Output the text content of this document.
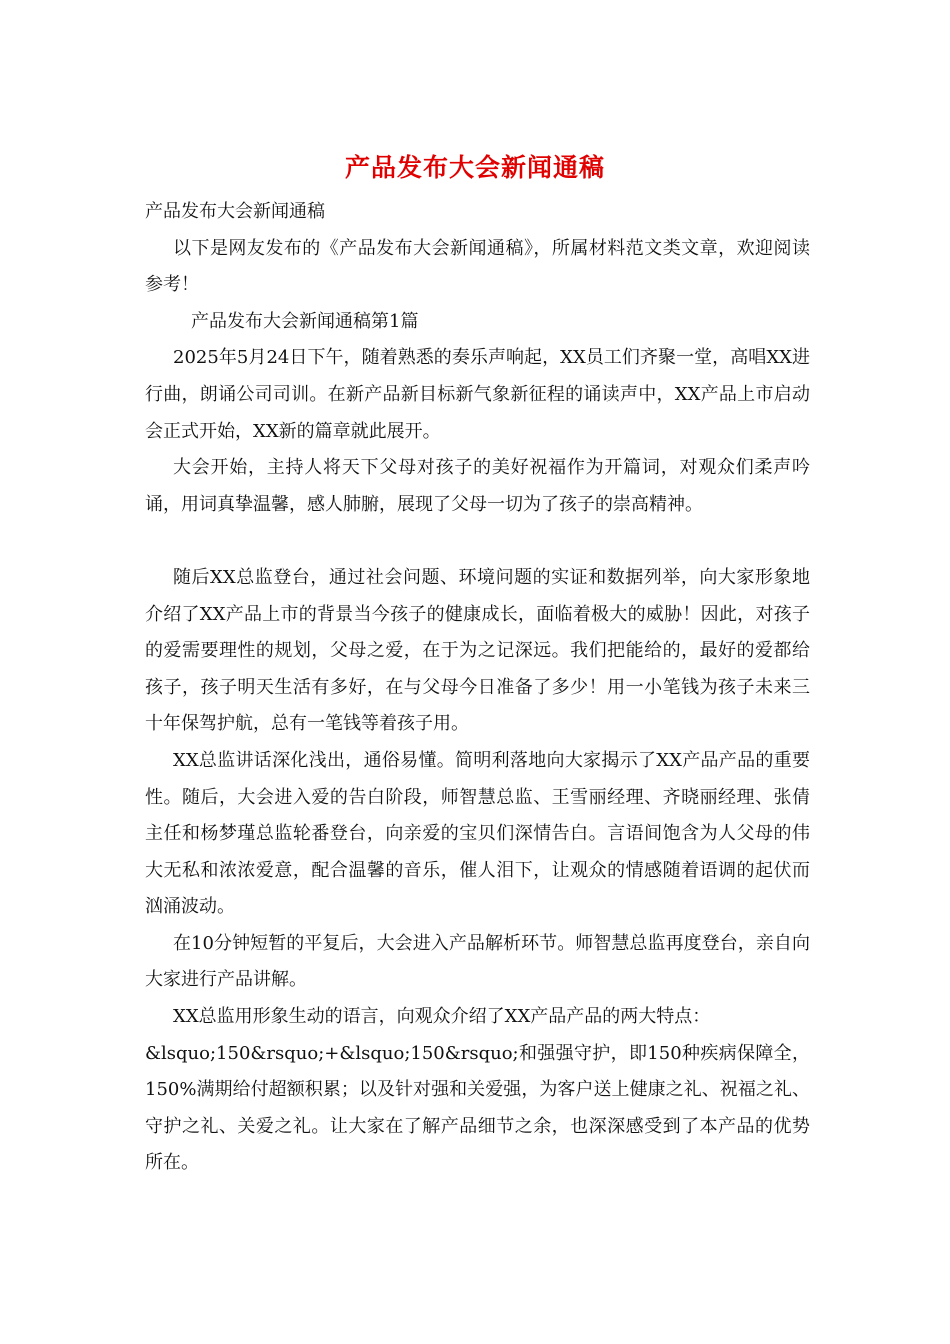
产品发布大会新闻通稿

产品发布大会新闻通稿

以下是网友发布的《产品发布大会新闻通稿》，所属材料范文类文章，欢迎阅读参考！

产品发布大会新闻通稿第1篇

2025年5月24日下午，随着熟悉的奏乐声响起，XX员工们齐聚一堂，高唱XX进行曲，朗诵公司司训。在新产品新目标新气象新征程的诵读声中，XX产品上市启动会正式开始，XX新的篇章就此展开。

大会开始，主持人将天下父母对孩子的美好祝福作为开篇词，对观众们柔声吟诵，用词真挚温馨，感人肺腑，展现了父母一切为了孩子的崇高精神。

随后XX总监登台，通过社会问题、环境问题的实证和数据列举，向大家形象地介绍了XX产品上市的背景当今孩子的健康成长，面临着极大的威胁！因此，对孩子的爱需要理性的规划，父母之爱，在于为之记深远。我们把能给的，最好的爱都给孩子，孩子明天生活有多好，在与父母今日准备了多少！用一小笔钱为孩子未来三十年保驾护航，总有一笔钱等着孩子用。

XX总监讲话深化浅出，通俗易懂。简明利落地向大家揭示了XX产品产品的重要性。随后，大会进入爱的告白阶段，师智慧总监、王雪丽经理、齐晓丽经理、张倩主任和杨梦瑾总监轮番登台，向亲爱的宝贝们深情告白。言语间饱含为人父母的伟大无私和浓浓爱意，配合温馨的音乐，催人泪下，让观众的情感随着语调的起伏而汹涌波动。

在10分钟短暂的平复后，大会进入产品解析环节。师智慧总监再度登台，亲自向大家进行产品讲解。

XX总监用形象生动的语言，向观众介绍了XX产品产品的两大特点：

&lsquo;150&rsquo;+&lsquo;150&rsquo;和强强守护，即150种疾病保障全，150%满期给付超额积累；以及针对强和关爱强，为客户送上健康之礼、祝福之礼、守护之礼、关爱之礼。让大家在了解产品细节之余，也深深感受到了本产品的优势所在。
